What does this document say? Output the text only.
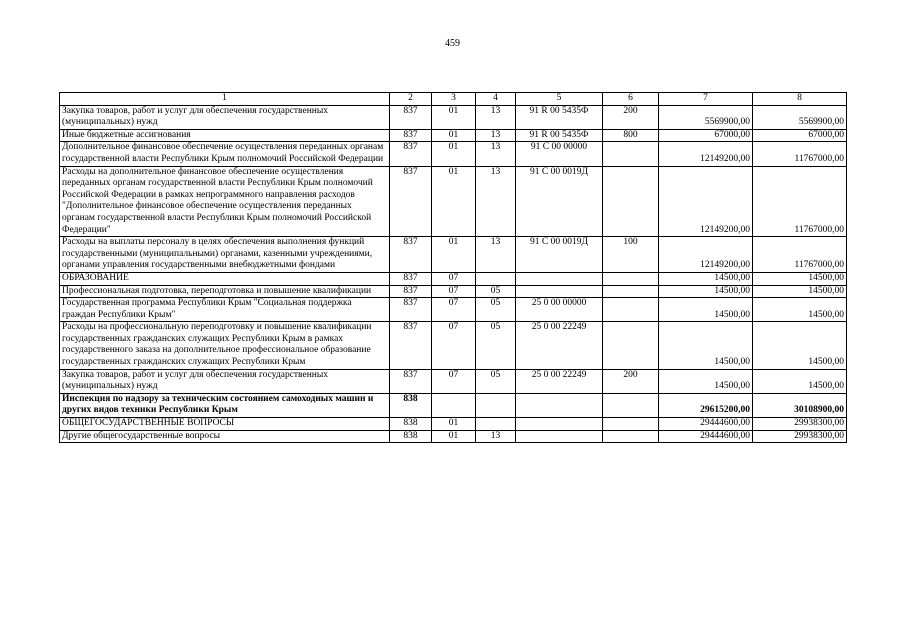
459
1	2	3	4	5	6	7	8
Закупка товаров, работ и услуг для обеспечения государственных (муниципальных) нужд	837	01	13	91 R 00 5435Ф	200	5569900,00	5569900,00
Иные бюджетные ассигнования	837	01	13	91 R 00 5435Ф	800	67000,00	67000,00
Дополнительное финансовое обеспечение осуществления переданных органам государственной власти Республики Крым полномочий Российской Федерации	837	01	13	91 С 00 00000		12149200,00	11767000,00
Расходы на дополнительное финансовое обеспечение осуществления переданных органам государственной власти Республики Крым полномочий Российской Федерации в рамках непрограммного направления расходов "Дополнительное финансовое обеспечение осуществления переданных органам государственной власти Республики Крым полномочий Российской Федерации"	837	01	13	91 С 00 0019Д		12149200,00	11767000,00
Расходы на выплаты персоналу в целях обеспечения выполнения функций государственными (муниципальными) органами, казенными учреждениями, органами управления государственными внебюджетными фондами	837	01	13	91 С 00 0019Д	100	12149200,00	11767000,00
ОБРАЗОВАНИЕ	837	07				14500,00	14500,00
Профессиональная подготовка, переподготовка и повышение квалификации	837	07	05			14500,00	14500,00
Государственная программа Республики Крым "Социальная поддержка граждан Республики Крым"	837	07	05	25 0 00 00000		14500,00	14500,00
Расходы на профессиональную переподготовку и повышение квалификации государственных гражданских служащих Республики Крым в рамках государственного заказа на дополнительное профессиональное образование государственных гражданских служащих Республики Крым	837	07	05	25 0 00 22249		14500,00	14500,00
Закупка товаров, работ и услуг для обеспечения государственных (муниципальных) нужд	837	07	05	25 0 00 22249	200	14500,00	14500,00
Инспекция по надзору за техническим состоянием самоходных машин и других видов техники Республики Крым	838					29615200,00	30108900,00
ОБЩЕГОСУДАРСТВЕННЫЕ ВОПРОСЫ	838	01				29444600,00	29938300,00
Другие общегосударственные вопросы	838	01	13			29444600,00	29938300,00
